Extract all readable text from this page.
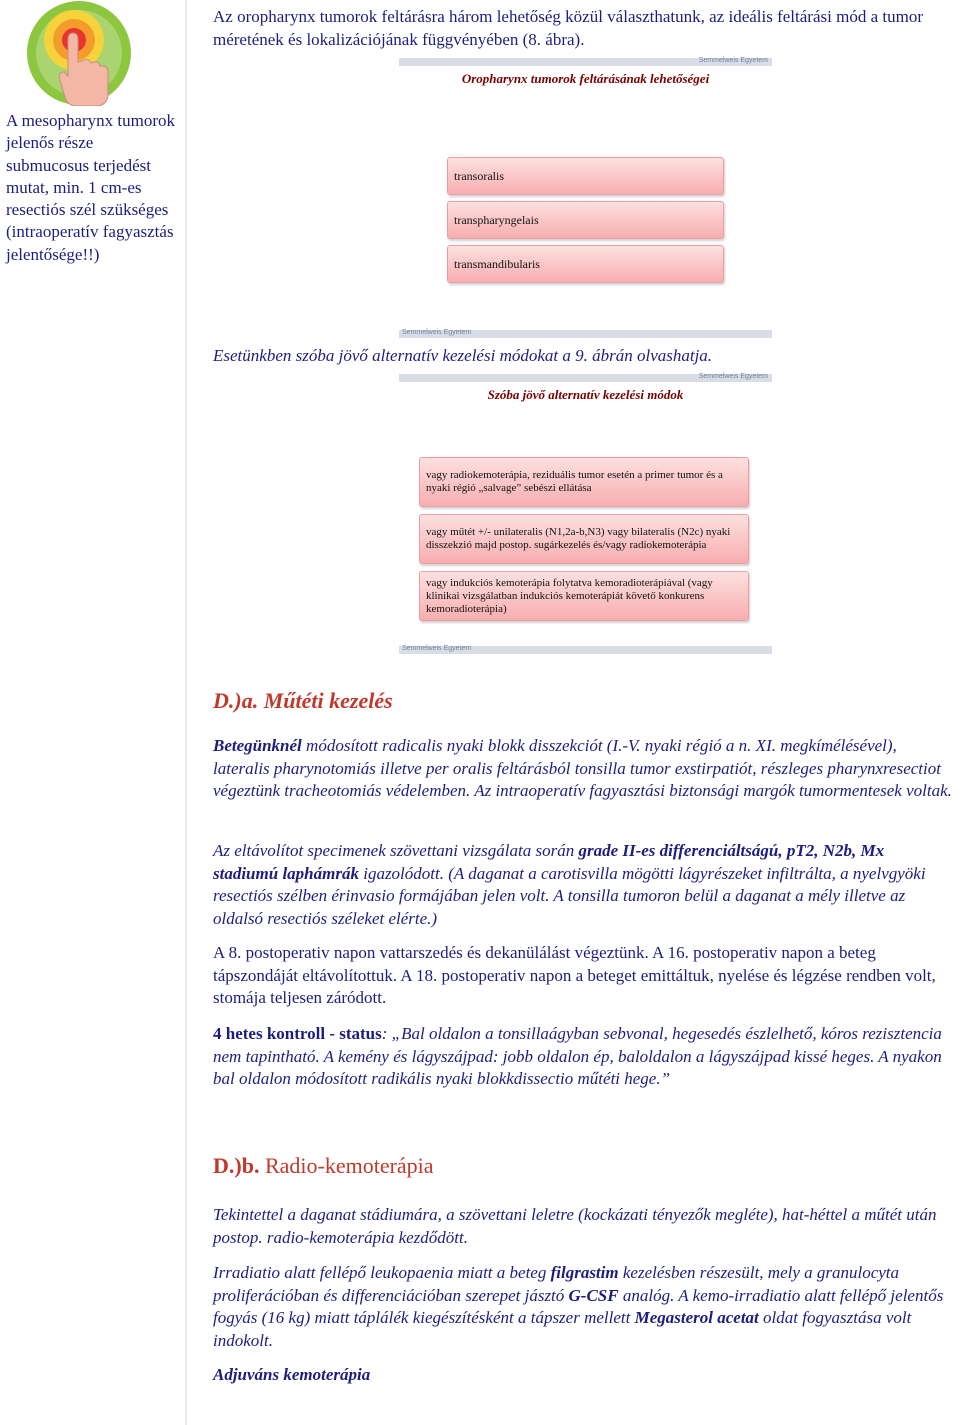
A mesopharynx tumorok jelenős része submucosus terjedést mutat, min. 1 cm-es resectiós szél szükséges (intraoperatív fagyasztás jelentősége!!)
Az oropharynx tumorok feltárásra három lehetőség közül választhatunk, az ideális feltárási mód a tumor méretének és lokalizációjának függvényében (8. ábra).
Semmelweis Egyetem
Oropharynx tumorok feltárásának lehetőségei
transoralis
transpharyngelais
transmandibularis
Semmelweis Egyetem
Esetünkben szóba jövő alternatív kezelési módokat a 9. ábrán olvashatja.
Semmelweis Egyetem
Szóba jövő alternatív kezelési módok
vagy radiokemoterápia, reziduális tumor esetén a primer tumor és a nyaki régió „salvage” sebészi ellátása
vagy műtét +/- unilateralis (N1,2a-b,N3) vagy bilateralis (N2c) nyaki disszekzió majd postop. sugárkezelés és/vagy radiokemoterápia
vagy indukciós kemoterápia folytatva kemoradioterápiával (vagy klinikai vizsgálatban indukciós kemoterápiát követő konkurens kemoradioterápia)
Semmelweis Egyetem
D.)a. Műtéti kezelés
Betegünknél módosított radicalis nyaki blokk disszekciót (I.-V. nyaki régió a n. XI. megkímélésével), lateralis pharynotomiás illetve per oralis feltárásból tonsilla tumor exstirpatiót, részleges pharynxresectiot végeztünk tracheotomiás védelemben. Az intraoperatív fagyasztási biztonsági margók tumormentesek voltak.
Az eltávolítot specimenek szövettani vizsgálata során grade II-es differenciáltságú, pT2, N2b, Mx stadiumú laphámrák igazolódott. (A daganat a carotisvilla mögötti lágyrészeket infiltrálta, a nyelvgyöki resectiós szélben érinvasio formájában jelen volt. A tonsilla tumoron belül a daganat a mély illetve az oldalsó resectiós széleket elérte.)
A 8. postoperativ napon vattarszedés és dekanülálást végeztünk. A 16. postoperativ napon a beteg tápszondáját eltávolítottuk. A 18. postoperativ napon a beteget emittáltuk, nyelése és légzése rendben volt, stomája teljesen záródott.
4 hetes kontroll - status: „Bal oldalon a tonsillaágyban sebvonal, hegesedés észlelhető, kóros rezisztencia nem tapintható. A kemény és lágyszájpad: jobb oldalon ép, baloldalon a lágyszájpad kissé heges. A nyakon bal oldalon módosított radikális nyaki blokkdissectio műtéti hege.”
D.)b. Radio-kemoterápia
Tekintettel a daganat stádiumára, a szövettani leletre (kockázati tényezők megléte), hat-héttel a műtét után postop. radio-kemoterápia kezdődött.
Irradiatio alatt fellépő leukopaenia miatt a beteg filgrastim kezelésben részesült, mely a granulocyta proliferációban és differenciációban szerepet jásztó G-CSF analóg. A kemo-irradiatio alatt fellépő jelentős fogyás (16 kg) miatt táplálék kiegészítésként a tápszer mellett Megasterol acetat oldat fogyasztása volt indokolt.
Adjuváns kemoterápia
